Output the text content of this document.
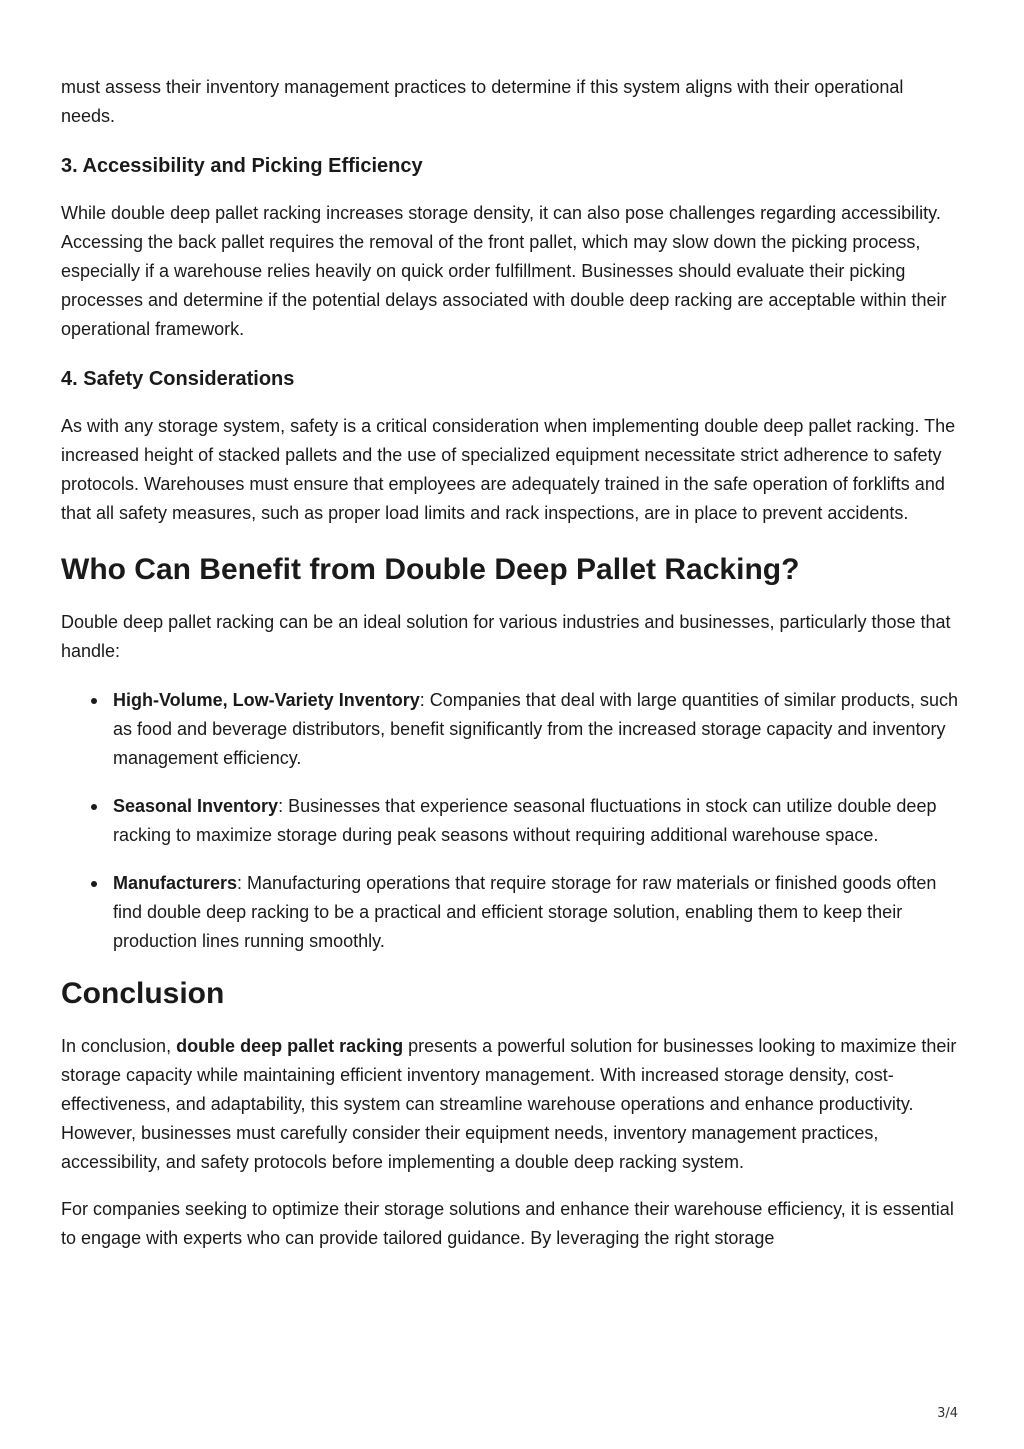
must assess their inventory management practices to determine if this system aligns with their operational needs.

3. Accessibility and Picking Efficiency

While double deep pallet racking increases storage density, it can also pose challenges regarding accessibility. Accessing the back pallet requires the removal of the front pallet, which may slow down the picking process, especially if a warehouse relies heavily on quick order fulfillment. Businesses should evaluate their picking processes and determine if the potential delays associated with double deep racking are acceptable within their operational framework.

4. Safety Considerations

As with any storage system, safety is a critical consideration when implementing double deep pallet racking. The increased height of stacked pallets and the use of specialized equipment necessitate strict adherence to safety protocols. Warehouses must ensure that employees are adequately trained in the safe operation of forklifts and that all safety measures, such as proper load limits and rack inspections, are in place to prevent accidents.

Who Can Benefit from Double Deep Pallet Racking?

Double deep pallet racking can be an ideal solution for various industries and businesses, particularly those that handle:

High-Volume, Low-Variety Inventory: Companies that deal with large quantities of similar products, such as food and beverage distributors, benefit significantly from the increased storage capacity and inventory management efficiency.
Seasonal Inventory: Businesses that experience seasonal fluctuations in stock can utilize double deep racking to maximize storage during peak seasons without requiring additional warehouse space.
Manufacturers: Manufacturing operations that require storage for raw materials or finished goods often find double deep racking to be a practical and efficient storage solution, enabling them to keep their production lines running smoothly.
Conclusion

In conclusion, double deep pallet racking presents a powerful solution for businesses looking to maximize their storage capacity while maintaining efficient inventory management. With increased storage density, cost-effectiveness, and adaptability, this system can streamline warehouse operations and enhance productivity. However, businesses must carefully consider their equipment needs, inventory management practices, accessibility, and safety protocols before implementing a double deep racking system.

For companies seeking to optimize their storage solutions and enhance their warehouse efficiency, it is essential to engage with experts who can provide tailored guidance. By leveraging the right storage

3/4
